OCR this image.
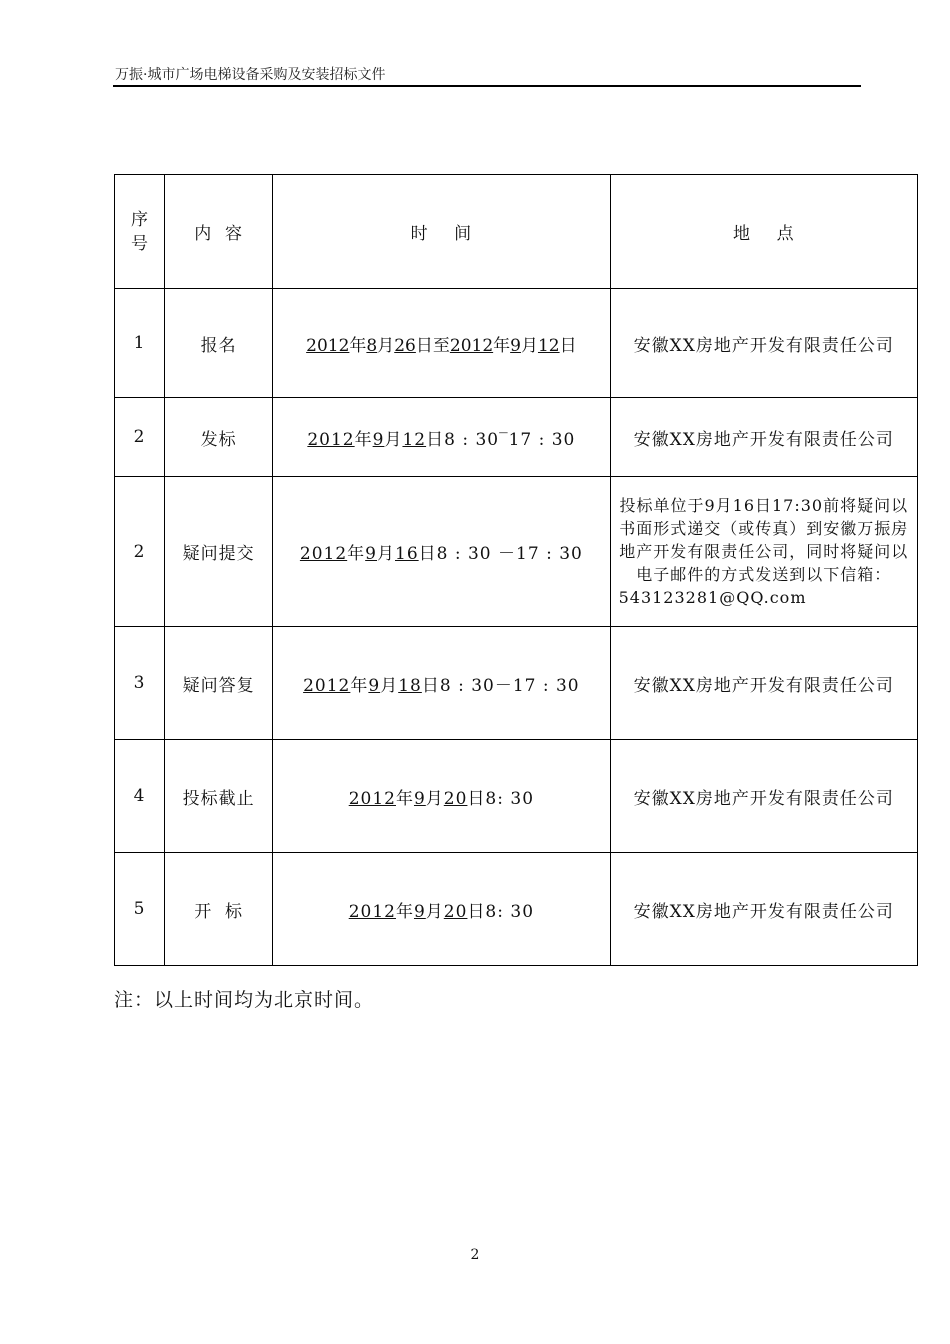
万振·城市广场电梯设备采购及安装招标文件
序号	内  容	时    间	地    点
1	报名	2012年8月26日至2012年9月12日	安徽XX房地产开发有限责任公司
2	发标	2012年9月12日8 : 30‾17 : 30	安徽XX房地产开发有限责任公司
2	疑问提交	2012年9月16日8 : 30 －17 : 30	投标单位于9月16日17:30前将疑问以书面形式递交（或传真）到安徽万振房地产开发有限责任公司，同时将疑问以电子邮件的方式发送到以下信箱：543123281@QQ.com
3	疑问答复	2012年9月18日8 : 30－17 : 30	安徽XX房地产开发有限责任公司
4	投标截止	2012年9月20日8: 30	安徽XX房地产开发有限责任公司
5	开  标	2012年9月20日8: 30	安徽XX房地产开发有限责任公司
注：以上时间均为北京时间。
2
